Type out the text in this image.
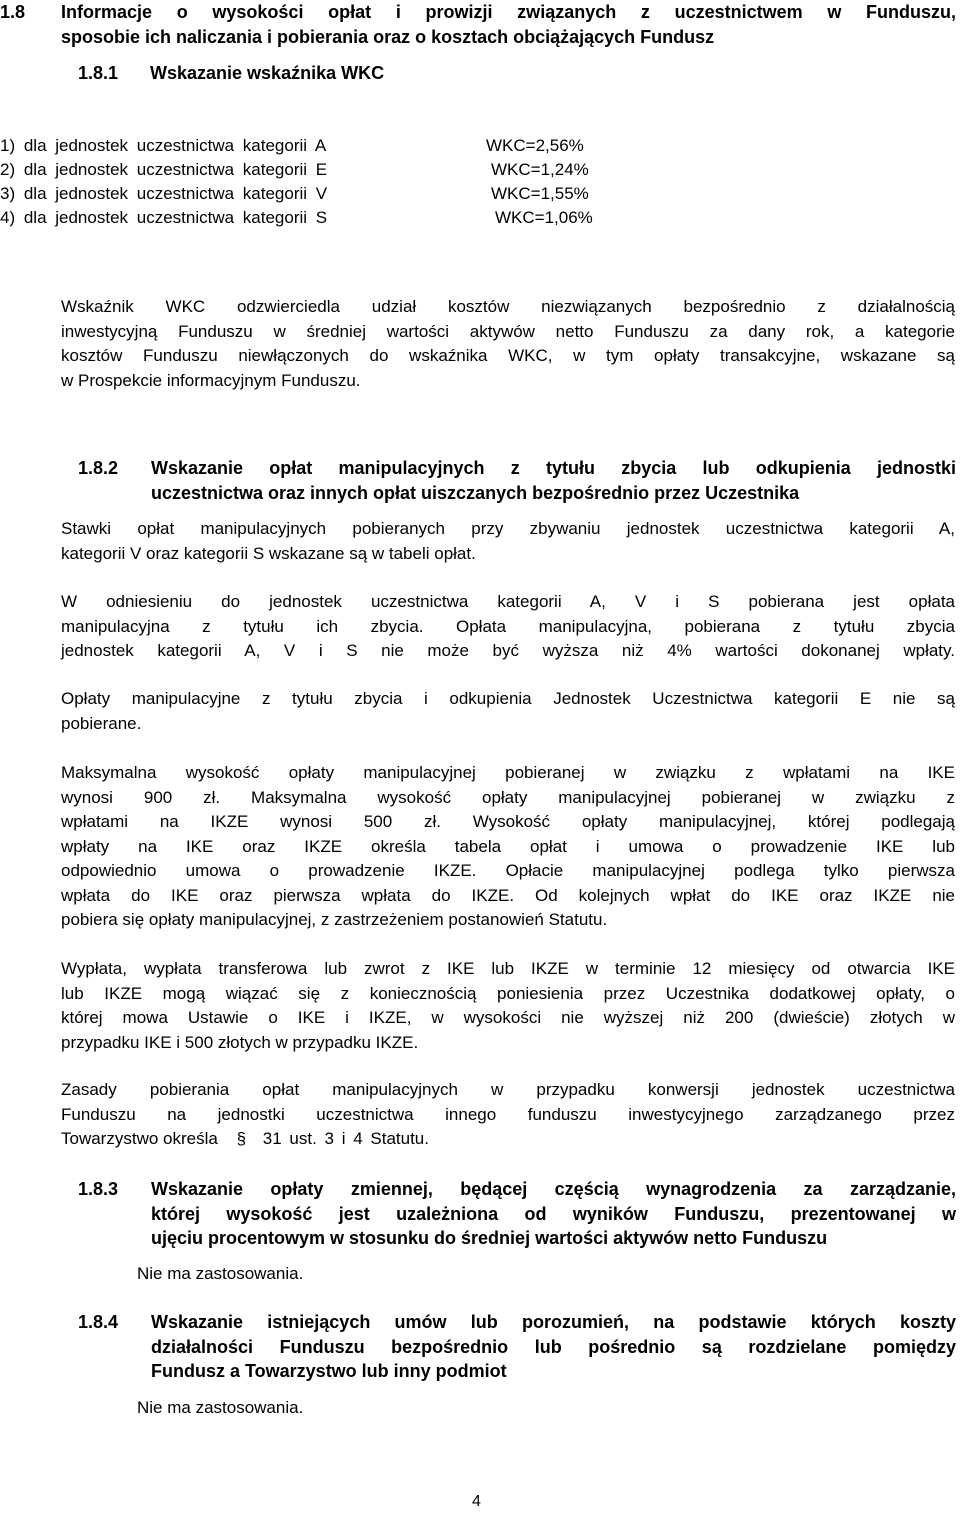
1.8 Informacje o wysokości opłat i prowizji związanych z uczestnictwem w Funduszu,
sposobie ich naliczania i pobierania oraz o kosztach obciążających Fundusz
1.8.1 Wskazanie wskaźnika WKC
1) dla jednostek uczestnictwa kategorii A	WKC=2,56%
2) dla jednostek uczestnictwa kategorii E	WKC=1,24%
3) dla jednostek uczestnictwa kategorii V	WKC=1,55%
4) dla jednostek uczestnictwa kategorii S	WKC=1,06%
Wskaźnik WKC odzwierciedla udział kosztów niezwiązanych bezpośrednio z działalnością
inwestycyjną Funduszu w średniej wartości aktywów netto Funduszu za dany rok, a kategorie
kosztów Funduszu niewłączonych do wskaźnika WKC, w tym opłaty transakcyjne, wskazane są
w Prospekcie informacyjnym Funduszu.
1.8.2 Wskazanie opłat manipulacyjnych z tytułu zbycia lub odkupienia jednostki
uczestnictwa oraz innych opłat uiszczanych bezpośrednio przez Uczestnika
Stawki opłat manipulacyjnych pobieranych przy zbywaniu jednostek uczestnictwa kategorii A,
kategorii V oraz kategorii S wskazane są w tabeli opłat.
W odniesieniu do jednostek uczestnictwa kategorii A, V i S pobierana jest opłata
manipulacyjna z tytułu ich zbycia. Opłata manipulacyjna, pobierana z tytułu zbycia
jednostek kategorii A, V i S nie może być wyższa niż 4% wartości dokonanej wpłaty.
Opłaty manipulacyjne z tytułu zbycia i odkupienia Jednostek Uczestnictwa kategorii E nie są
pobierane.
Maksymalna wysokość opłaty manipulacyjnej pobieranej w związku z wpłatami na IKE
wynosi 900 zł. Maksymalna wysokość opłaty manipulacyjnej pobieranej w związku z
wpłatami na IKZE wynosi 500 zł. Wysokość opłaty manipulacyjnej, której podlegają
wpłaty na IKE oraz IKZE określa tabela opłat i umowa o prowadzenie IKE lub
odpowiednio umowa o prowadzenie IKZE. Opłacie manipulacyjnej podlega tylko pierwsza
wpłata do IKE oraz pierwsza wpłata do IKZE. Od kolejnych wpłat do IKE oraz IKZE nie
pobiera się opłaty manipulacyjnej, z zastrzeżeniem postanowień Statutu.
Wypłata, wypłata transferowa lub zwrot z IKE lub IKZE w terminie 12 miesięcy od otwarcia IKE
lub IKZE mogą wiązać się z koniecznością poniesienia przez Uczestnika dodatkowej opłaty, o
której mowa Ustawie o IKE i IKZE, w wysokości nie wyższej niż 200 (dwieście) złotych w
przypadku IKE i 500 złotych w przypadku IKZE.
Zasady pobierania opłat manipulacyjnych w przypadku konwersji jednostek uczestnictwa
Funduszu na jednostki uczestnictwa innego funduszu inwestycyjnego zarządzanego przez
Towarzystwo określa § 31 ust. 3 i 4 Statutu.
1.8.3 Wskazanie opłaty zmiennej, będącej częścią wynagrodzenia za zarządzanie,
której wysokość jest uzależniona od wyników Funduszu, prezentowanej w
ujęciu procentowym w stosunku do średniej wartości aktywów netto Funduszu
Nie ma zastosowania.
1.8.4 Wskazanie istniejących umów lub porozumień, na podstawie których koszty
działalności Funduszu bezpośrednio lub pośrednio są rozdzielane pomiędzy
Fundusz a Towarzystwo lub inny podmiot
Nie ma zastosowania.
4
